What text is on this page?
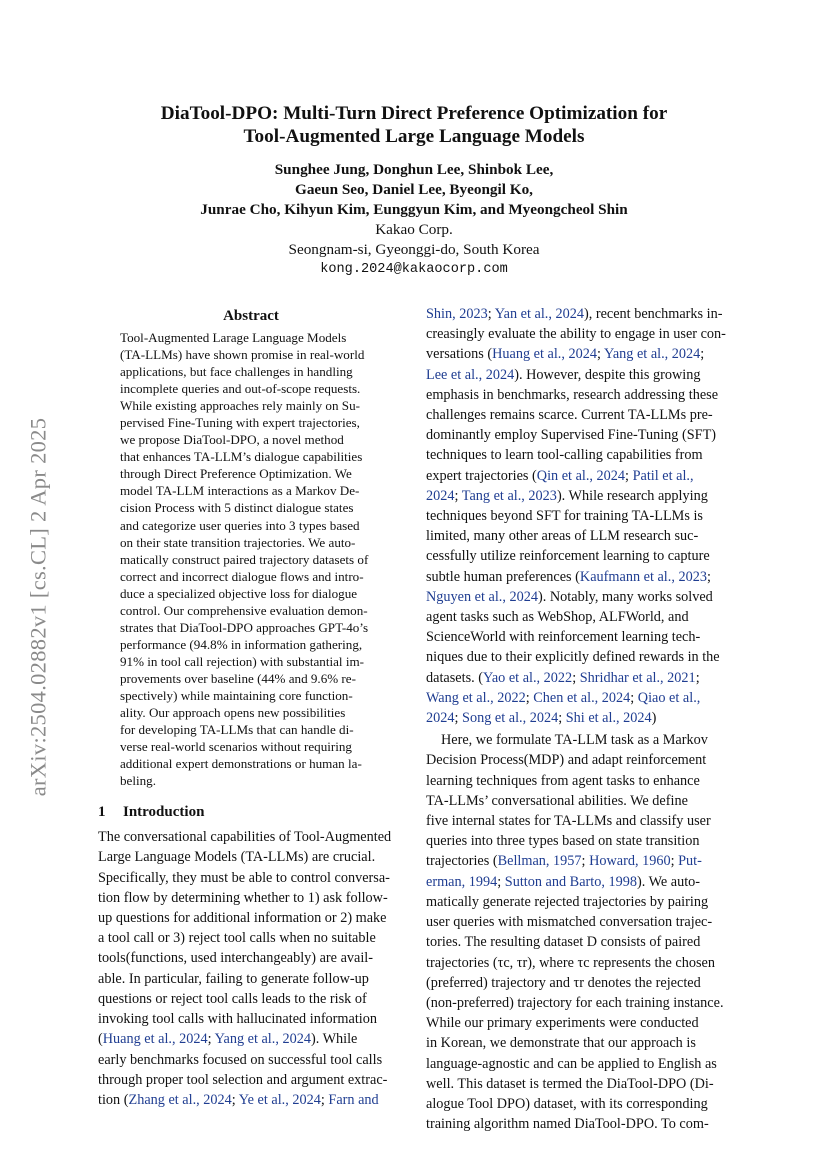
arXiv:2504.02882v1 [cs.CL] 2 Apr 2025
DiaTool-DPO: Multi-Turn Direct Preference Optimization for
Tool-Augmented Large Language Models
Sunghee Jung, Donghun Lee, Shinbok Lee,
Gaeun Seo, Daniel Lee, Byeongil Ko,
Junrae Cho, Kihyun Kim, Eunggyun Kim, and Myeongcheol Shin
Kakao Corp.
Seongnam-si, Gyeonggi-do, South Korea
kong.2024@kakaocorp.com
Abstract
Tool-Augmented Larage Language Models
(TA-LLMs) have shown promise in real-world
applications, but face challenges in handling
incomplete queries and out-of-scope requests.
While existing approaches rely mainly on Su-
pervised Fine-Tuning with expert trajectories,
we propose DiaTool-DPO, a novel method
that enhances TA-LLM’s dialogue capabilities
through Direct Preference Optimization. We
model TA-LLM interactions as a Markov De-
cision Process with 5 distinct dialogue states
and categorize user queries into 3 types based
on their state transition trajectories. We auto-
matically construct paired trajectory datasets of
correct and incorrect dialogue flows and intro-
duce a specialized objective loss for dialogue
control. Our comprehensive evaluation demon-
strates that DiaTool-DPO approaches GPT-4o’s
performance (94.8% in information gathering,
91% in tool call rejection) with substantial im-
provements over baseline (44% and 9.6% re-
spectively) while maintaining core function-
ality. Our approach opens new possibilities
for developing TA-LLMs that can handle di-
verse real-world scenarios without requiring
additional expert demonstrations or human la-
beling.
1 Introduction
The conversational capabilities of Tool-Augmented
Large Language Models (TA-LLMs) are crucial.
Specifically, they must be able to control conversa-
tion flow by determining whether to 1) ask follow-
up questions for additional information or 2) make
a tool call or 3) reject tool calls when no suitable
tools(functions, used interchangeably) are avail-
able. In particular, failing to generate follow-up
questions or reject tool calls leads to the risk of
invoking tool calls with hallucinated information
(Huang et al., 2024; Yang et al., 2024). While
early benchmarks focused on successful tool calls
through proper tool selection and argument extrac-
tion (Zhang et al., 2024; Ye et al., 2024; Farn and
Shin, 2023; Yan et al., 2024), recent benchmarks in-
creasingly evaluate the ability to engage in user con-
versations (Huang et al., 2024; Yang et al., 2024;
Lee et al., 2024). However, despite this growing
emphasis in benchmarks, research addressing these
challenges remains scarce. Current TA-LLMs pre-
dominantly employ Supervised Fine-Tuning (SFT)
techniques to learn tool-calling capabilities from
expert trajectories (Qin et al., 2024; Patil et al.,
2024; Tang et al., 2023). While research applying
techniques beyond SFT for training TA-LLMs is
limited, many other areas of LLM research suc-
cessfully utilize reinforcement learning to capture
subtle human preferences (Kaufmann et al., 2023;
Nguyen et al., 2024). Notably, many works solved
agent tasks such as WebShop, ALFWorld, and
ScienceWorld with reinforcement learning tech-
niques due to their explicitly defined rewards in the
datasets. (Yao et al., 2022; Shridhar et al., 2021;
Wang et al., 2022; Chen et al., 2024; Qiao et al.,
2024; Song et al., 2024; Shi et al., 2024)
Here, we formulate TA-LLM task as a Markov
Decision Process(MDP) and adapt reinforcement
learning techniques from agent tasks to enhance
TA-LLMs’ conversational abilities. We define
five internal states for TA-LLMs and classify user
queries into three types based on state transition
trajectories (Bellman, 1957; Howard, 1960; Put-
erman, 1994; Sutton and Barto, 1998). We auto-
matically generate rejected trajectories by pairing
user queries with mismatched conversation trajec-
tories. The resulting dataset D consists of paired
trajectories (τc, τr), where τc represents the chosen
(preferred) trajectory and τr denotes the rejected
(non-preferred) trajectory for each training instance.
While our primary experiments were conducted
in Korean, we demonstrate that our approach is
language-agnostic and can be applied to English as
well. This dataset is termed the DiaTool-DPO (Di-
alogue Tool DPO) dataset, with its corresponding
training algorithm named DiaTool-DPO. To com-
